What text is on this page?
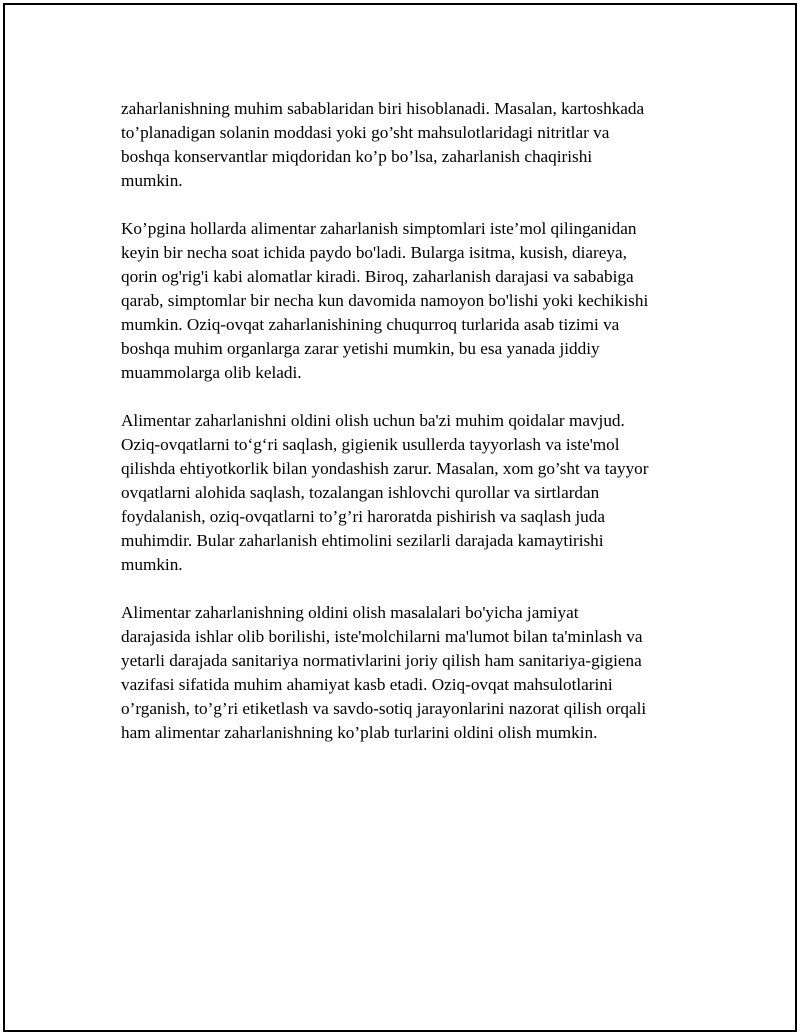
zaharlanishning muhim sabablaridan biri hisoblanadi. Masalan, kartoshkada
to’planadigan solanin moddasi yoki go’sht mahsulotlaridagi nitritlar va
boshqa konservantlar miqdoridan ko’p bo’lsa, zaharlanish chaqirishi
mumkin.

Ko’pgina hollarda alimentar zaharlanish simptomlari iste’mol qilinganidan
keyin bir necha soat ichida paydo bo'ladi. Bularga isitma, kusish, diareya,
qorin og'rig'i kabi alomatlar kiradi. Biroq, zaharlanish darajasi va sababiga
qarab, simptomlar bir necha kun davomida namoyon bo'lishi yoki kechikishi
mumkin. Oziq-ovqat zaharlanishining chuqurroq turlarida asab tizimi va
boshqa muhim organlarga zarar yetishi mumkin, bu esa yanada jiddiy
muammolarga olib keladi.

Alimentar zaharlanishni oldini olish uchun ba'zi muhim qoidalar mavjud.
Oziq-ovqatlarni to‘g‘ri saqlash, gigienik usullerda tayyorlash va iste'mol
qilishda ehtiyotkorlik bilan yondashish zarur. Masalan, xom go’sht va tayyor
ovqatlarni alohida saqlash, tozalangan ishlovchi qurollar va sirtlardan
foydalanish, oziq-ovqatlarni to’g’ri haroratda pishirish va saqlash juda
muhimdir. Bular zaharlanish ehtimolini sezilarli darajada kamaytirishi
mumkin.

Alimentar zaharlanishning oldini olish masalalari bo'yicha jamiyat
darajasida ishlar olib borilishi, iste'molchilarni ma'lumot bilan ta'minlash va
yetarli darajada sanitariya normativlarini joriy qilish ham sanitariya-gigiena
vazifasi sifatida muhim ahamiyat kasb etadi. Oziq-ovqat mahsulotlarini
o’rganish, to’g’ri etiketlash va savdo-sotiq jarayonlarini nazorat qilish orqali
ham alimentar zaharlanishning ko’plab turlarini oldini olish mumkin.
